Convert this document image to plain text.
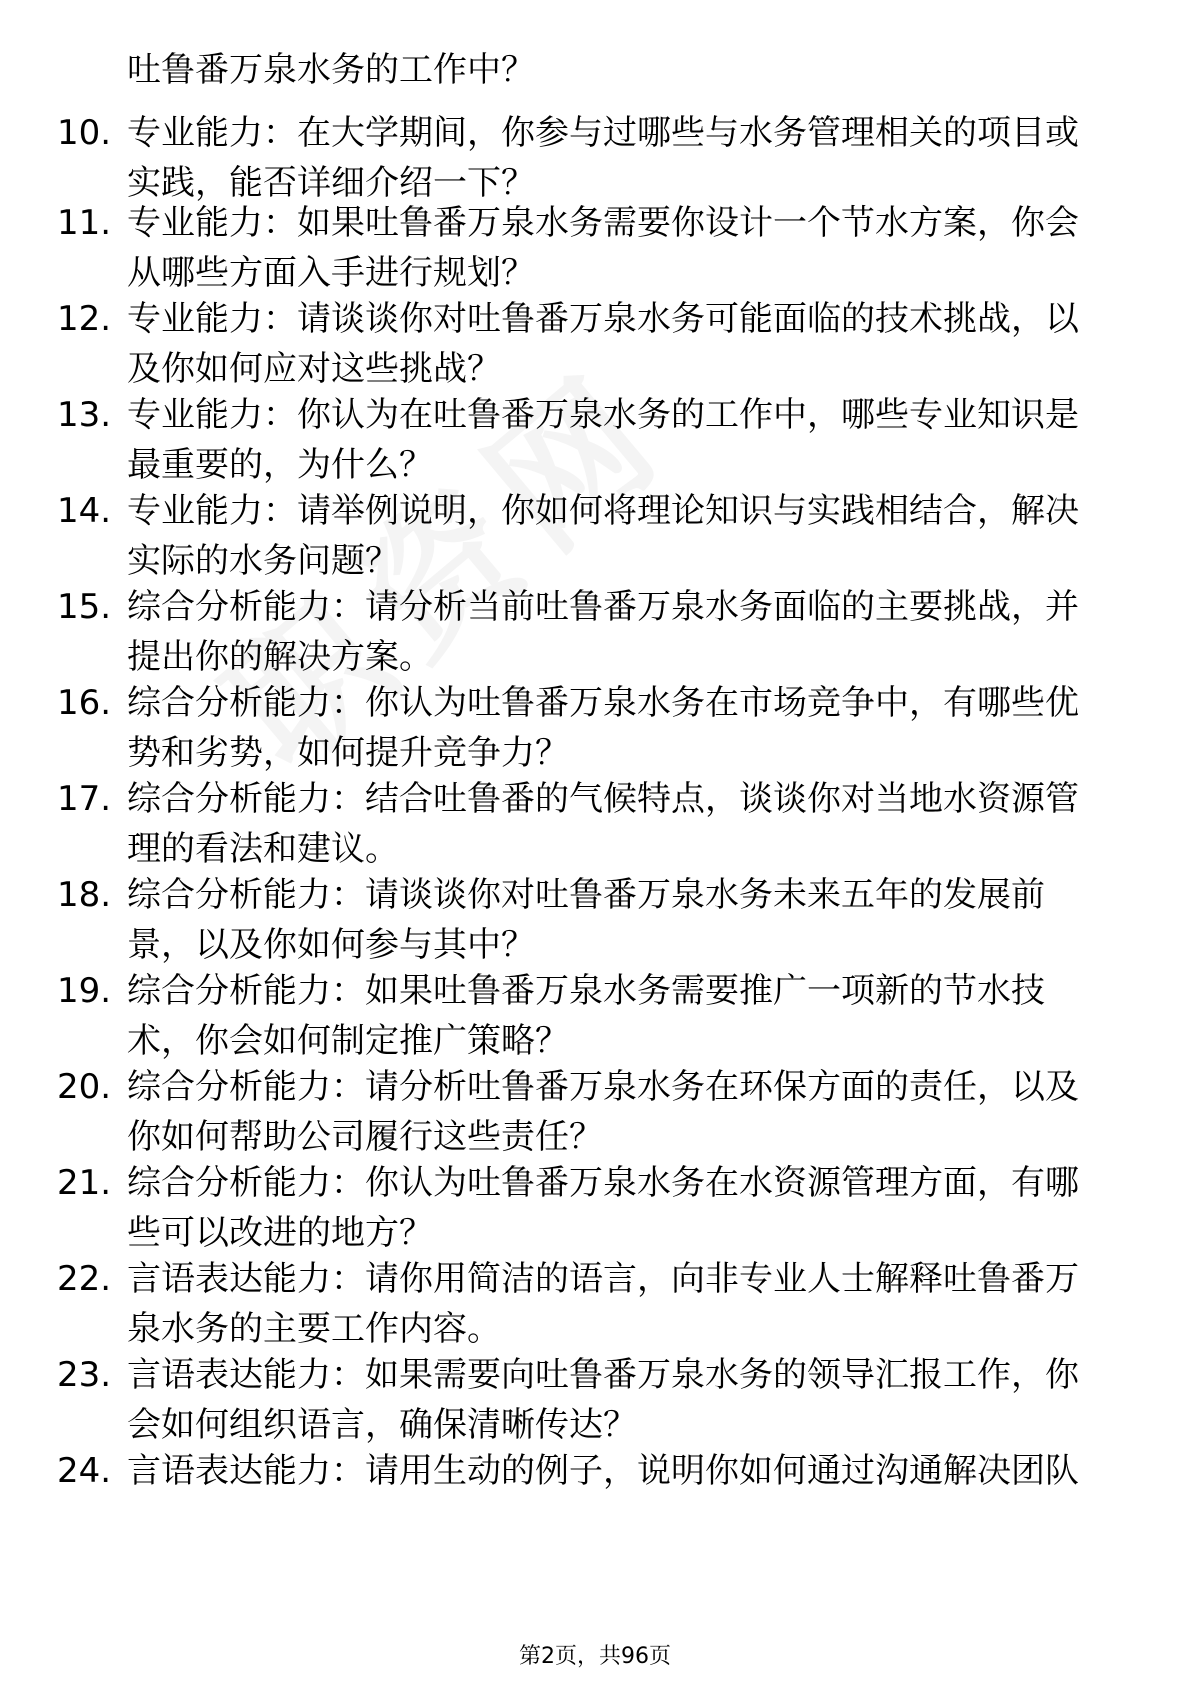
吐鲁番万泉水务的工作中？
10. 专业能力：在大学期间，你参与过哪些与水务管理相关的项目或
实践，能否详细介绍一下？
11. 专业能力：如果吐鲁番万泉水务需要你设计一个节水方案，你会
从哪些方面入手进行规划？
12. 专业能力：请谈谈你对吐鲁番万泉水务可能面临的技术挑战，以
及你如何应对这些挑战？
13. 专业能力：你认为在吐鲁番万泉水务的工作中，哪些专业知识是
最重要的，为什么？
14. 专业能力：请举例说明，你如何将理论知识与实践相结合，解决
实际的水务问题？
15. 综合分析能力：请分析当前吐鲁番万泉水务面临的主要挑战，并
提出你的解决方案。
16. 综合分析能力：你认为吐鲁番万泉水务在市场竞争中，有哪些优
势和劣势，如何提升竞争力？
17. 综合分析能力：结合吐鲁番的气候特点，谈谈你对当地水资源管
理的看法和建议。
18. 综合分析能力：请谈谈你对吐鲁番万泉水务未来五年的发展前
景，以及你如何参与其中？
19. 综合分析能力：如果吐鲁番万泉水务需要推广一项新的节水技
术，你会如何制定推广策略？
20. 综合分析能力：请分析吐鲁番万泉水务在环保方面的责任，以及
你如何帮助公司履行这些责任？
21. 综合分析能力：你认为吐鲁番万泉水务在水资源管理方面，有哪
些可以改进的地方？
22. 言语表达能力：请你用简洁的语言，向非专业人士解释吐鲁番万
泉水务的主要工作内容。
23. 言语表达能力：如果需要向吐鲁番万泉水务的领导汇报工作，你
会如何组织语言，确保清晰传达？
24. 言语表达能力：请用生动的例子，说明你如何通过沟通解决团队
第2页，共96页
